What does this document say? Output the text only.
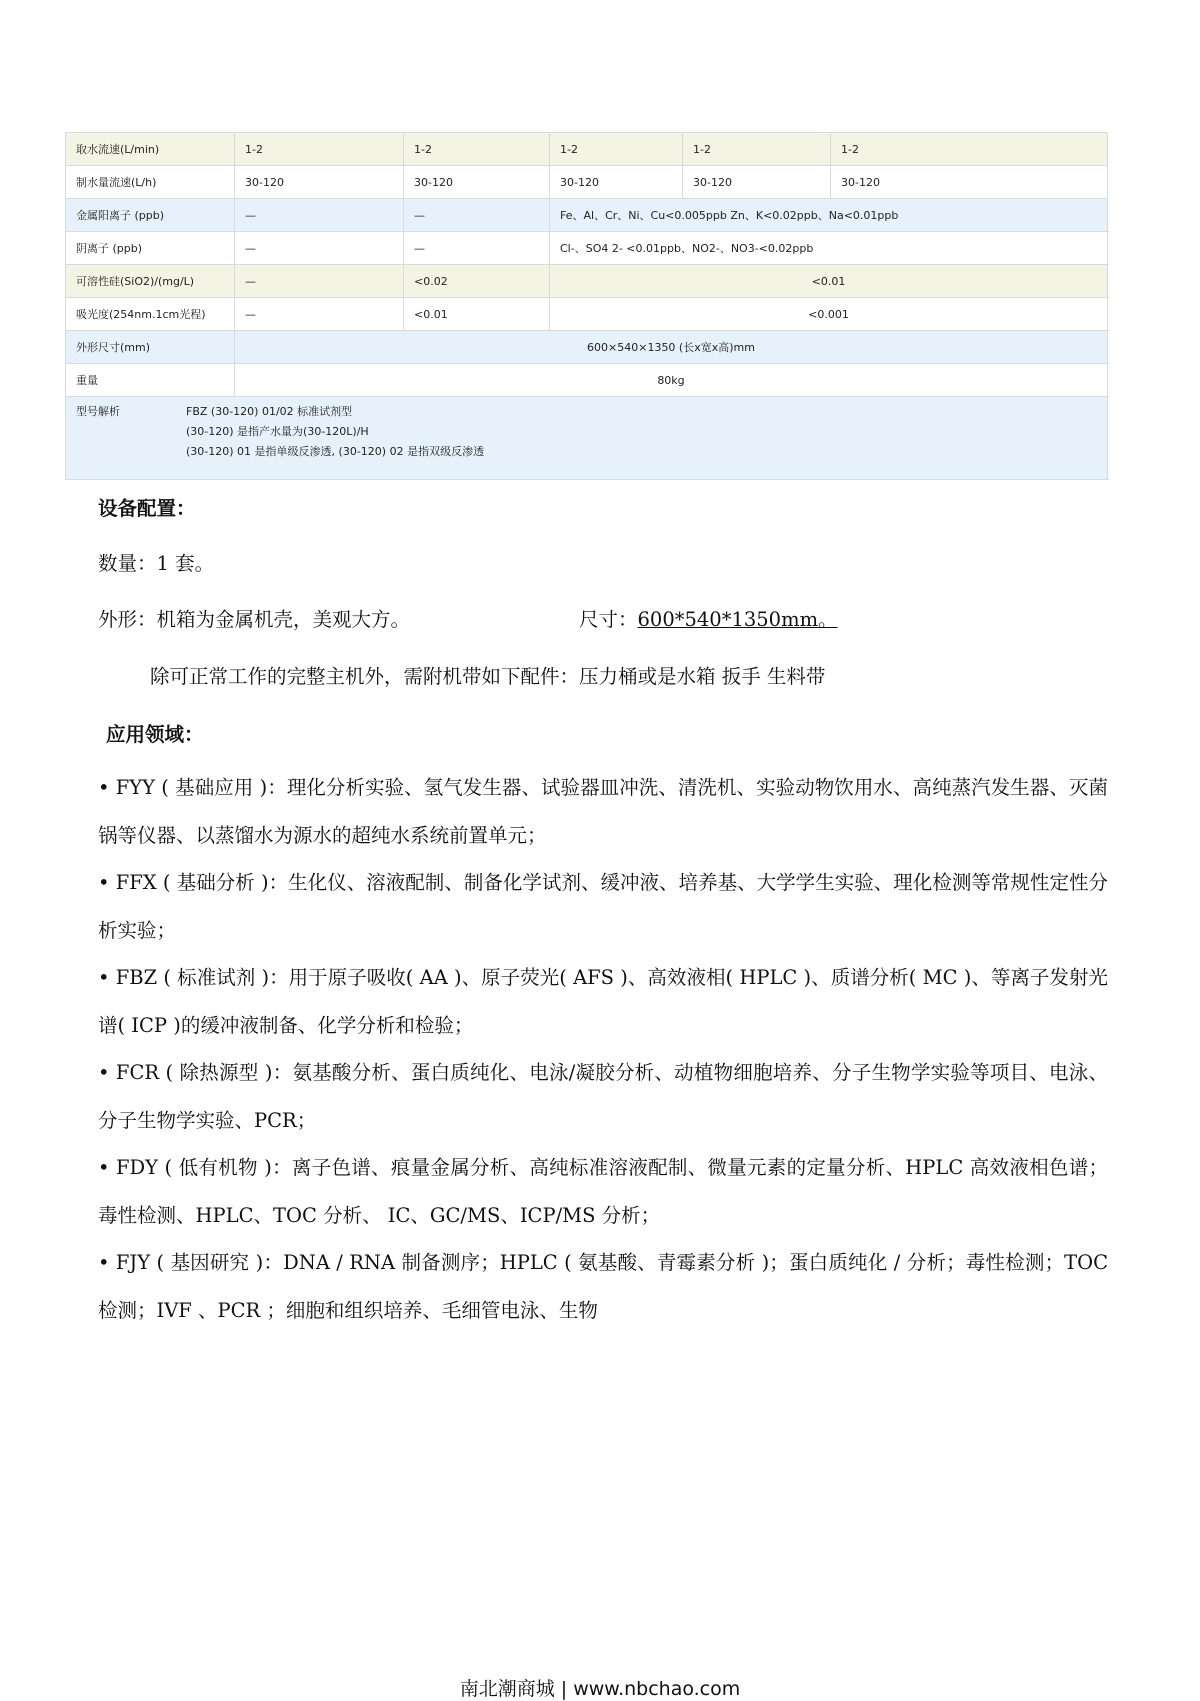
取水流速(L/min)	1-2	1-2	1-2	1-2	1-2	
制水量流速(L/h)	30-120	30-120	30-120	30-120	30-120	
金属阳离子 (ppb)	—	—	Fe、Al、Cr、Ni、Cu<0.005ppb Zn、K<0.02ppb、Na<0.01ppb			
阴离子 (ppb)	—	—	Cl-、SO4 2- <0.01ppb、NO2-、NO3-<0.02ppb			
可溶性硅(SiO2)/(mg/L)	—	<0.02	<0.01			
吸光度(254nm.1cm光程)	—	<0.01	<0.001			
外形尺寸(mm)	600×540×1350 (长x宽x高)mm					
重量	80kg					

型号解析 FBZ (30-120) 01/02 标准试剂型
(30-120) 是指产水量为(30-120L)/H
(30-120) 01 是指单级反渗透, (30-120) 02 是指双级反渗透						
设备配置：
数量：1 套。
外形：机箱为金属机壳，美观大方。	尺寸：600*540*1350mm。
除可正常工作的完整主机外，需附机带如下配件：压力桶或是水箱 扳手 生料带
应用领域：

• FYY ( 基础应用 )：理化分析实验、氢气发生器、试验器皿冲洗、清洗机、实验动物饮用水、高纯蒸汽发生器、灭菌锅等仪器、以蒸馏水为源水的超纯水系统前置单元；

• FFX ( 基础分析 )：生化仪、溶液配制、制备化学试剂、缓冲液、培养基、大学学生实验、理化检测等常规性定性分析实验；

• FBZ ( 标准试剂 )：用于原子吸收( AA )、原子荧光( AFS )、高效液相( HPLC )、质谱分析( MC )、等离子发射光谱( ICP )的缓冲液制备、化学分析和检验；

• FCR ( 除热源型 )：氨基酸分析、蛋白质纯化、电泳/凝胶分析、动植物细胞培养、分子生物学实验等项目、电泳、分子生物学实验、PCR；

• FDY ( 低有机物 )：离子色谱、痕量金属分析、高纯标准溶液配制、微量元素的定量分析、HPLC 高效液相色谱；毒性检测、HPLC、TOC 分析、 IC、GC/MS、ICP/MS 分析；

• FJY ( 基因研究 )：DNA / RNA 制备测序；HPLC ( 氨基酸、青霉素分析 )；蛋白质纯化 / 分析；毒性检测；TOC 检测；IVF 、PCR ；细胞和组织培养、毛细管电泳、生物

南北潮商城 | www.nbchao.com
